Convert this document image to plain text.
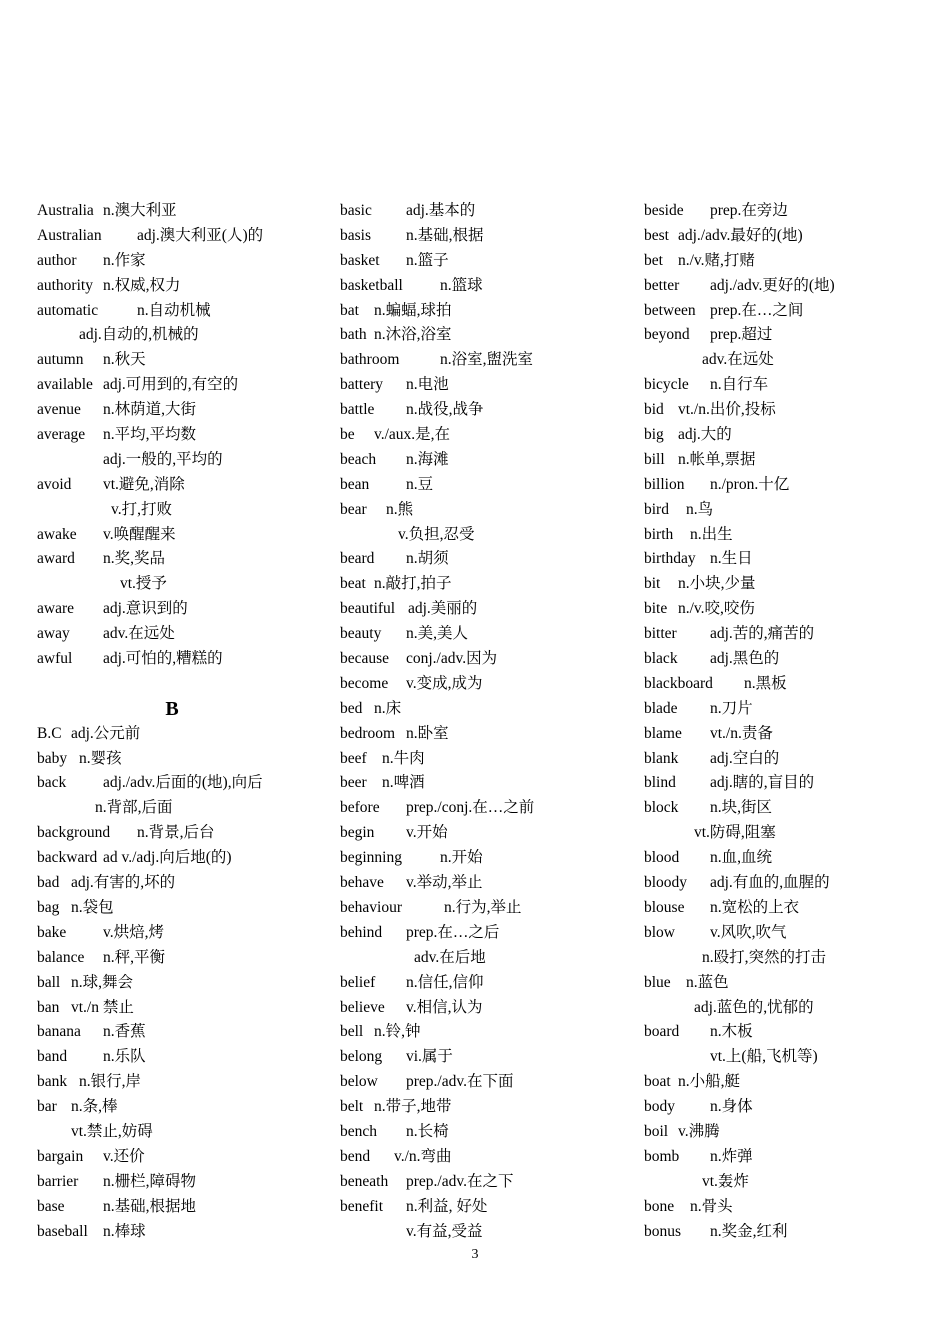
Australia n.澳大利亚
Australian adj.澳大利亚(人)的
author n.作家
authority n.权威,权力
automatic	n.自动机械
adj.自动的,机械的
autumn n.秋天
available adj.可用到的,有空的
avenue n.林荫道,大街
average n.平均,平均数
adj.一般的,平均的
avoid vt.避免,消除
v.打,打败
awake v.唤醒醒来
award n.奖,奖品
vt.授予
aware adj.意识到的
away adv.在远处
awful adj.可怕的,糟糕的
B
B.C adj.公元前
baby n.婴孩
back adj./adv.后面的(地),向后
n.背部,后面
background n.背景,后台
backward ad v./adj.向后地(的)
bad adj.有害的,坏的
bag n.袋包
bake v.烘焙,烤
balance n.秤,平衡
ball n.球,舞会
ban vt./n 禁止
banana n.香蕉
band n.乐队
bank n.银行,岸
bar n.条,棒
vt.禁止,妨碍
bargain v.还价
barrier n.栅栏,障碍物
base n.基础,根据地
baseball n.棒球
basic adj.基本的
basis n.基础,根据
basket n.篮子
basketball n.篮球
bat n.蝙蝠,球拍
bath n.沐浴,浴室
bathroom	n.浴室,盥洗室
battery n.电池
battle n.战役,战争
be v./aux.是,在
beach n.海滩
bean n.豆
bear n.熊
v.负担,忍受
beard n.胡须
beat n.敲打,拍子
beautiful adj.美丽的
beauty n.美,美人
because conj./adv.因为
become v.变成,成为
bed n.床
bedroom n.卧室
beef n.牛肉
beer n.啤酒
before prep./conj.在…之前
begin v.开始
beginning n.开始
behave v.举动,举止
behaviour	n.行为,举止
behind prep.在…之后
adv.在后地
belief n.信任,信仰
believe v.相信,认为
bell n.铃,钟
belong vi.属于
below prep./adv.在下面
belt n.带子,地带
bench n.长椅
bend v./n.弯曲
beneath prep./adv.在之下
benefit n.利益, 好处
v.有益,受益
beside prep.在旁边
best adj./adv.最好的(地)
bet n./v.赌,打赌
better adj./adv.更好的(地)
between prep.在…之间
beyond prep.超过
adv.在远处
bicycle n.自行车
bid vt./n.出价,投标
big adj.大的
bill n.帐单,票据
billion n./pron.十亿
bird n.鸟
birth n.出生
birthday n.生日
bit n.小块,少量
bite n./v.咬,咬伤
bitter adj.苦的,痛苦的
black adj.黑色的
blackboard n.黑板
blade n.刀片
blame vt./n.责备
blank adj.空白的
blind adj.瞎的,盲目的
block n.块,街区
vt.防碍,阻塞
blood n.血,血统
bloody adj.有血的,血腥的
blouse n.宽松的上衣
blow v.风吹,吹气
n.殴打,突然的打击
blue n.蓝色
adj.蓝色的,忧郁的
board n.木板
vt.上(船,飞机等)
boat n.小船,艇
body n.身体
boil v.沸腾
bomb n.炸弹
vt.轰炸
bone n.骨头
bonus n.奖金,红利
3
